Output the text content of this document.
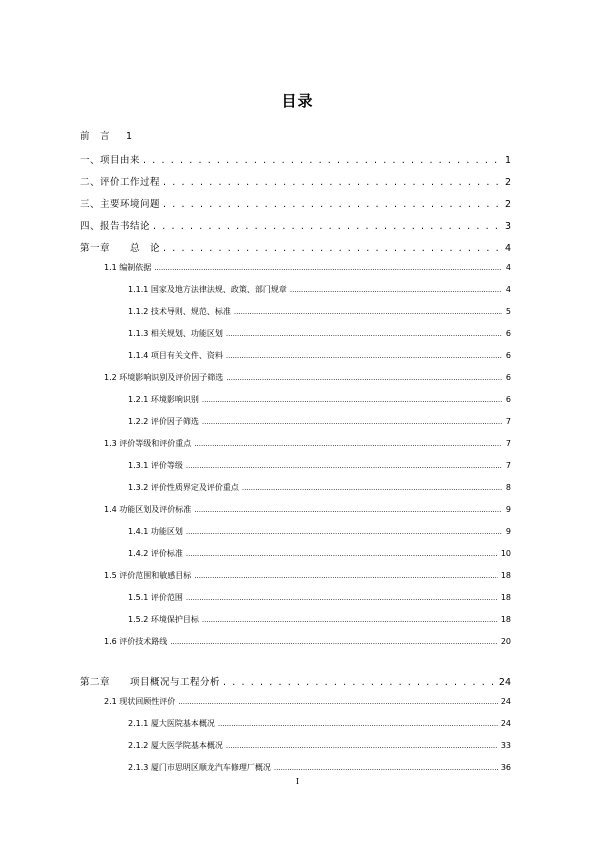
目录
前　言 1
一、项目由来 . . .	1
二、评价工作过程 . . .	2
三、主要环境问题 . . .	2
四、报告书结论 . . .	3
第一章　　总　论 . . .	4
1.1 编制依据 .....	4
1.1.1 国家及地方法律法规、政策、部门规章 .....	4
1.1.2 技术导则、规范、标准 .....	5
1.1.3 相关规划、功能区划 .....	6
1.1.4 项目有关文件、资料 .....	6
1.2 环境影响识别及评价因子筛选 .....	6
1.2.1 环境影响识别 .....	6
1.2.2 评价因子筛选 .....	7
1.3 评价等级和评价重点 .....	7
1.3.1 评价等级 .....	7
1.3.2 评价性质界定及评价重点 .....	8
1.4 功能区划及评价标准 .....	9
1.4.1 功能区划 .....	9
1.4.2 评价标准 .....	10
1.5 评价范围和敏感目标 .....	18
1.5.1 评价范围 .....	18
1.5.2 环境保护目标 .....	18
1.6 评价技术路线 .....	20
第二章　　项目概况与工程分析 . . .	24
2.1 现状回顾性评价 .....	24
2.1.1 厦大医院基本概况 .....	24
2.1.2 厦大医学院基本概况 .....	33
2.1.3 厦门市思明区顺龙汽车修理厂概况 .....	36
I
